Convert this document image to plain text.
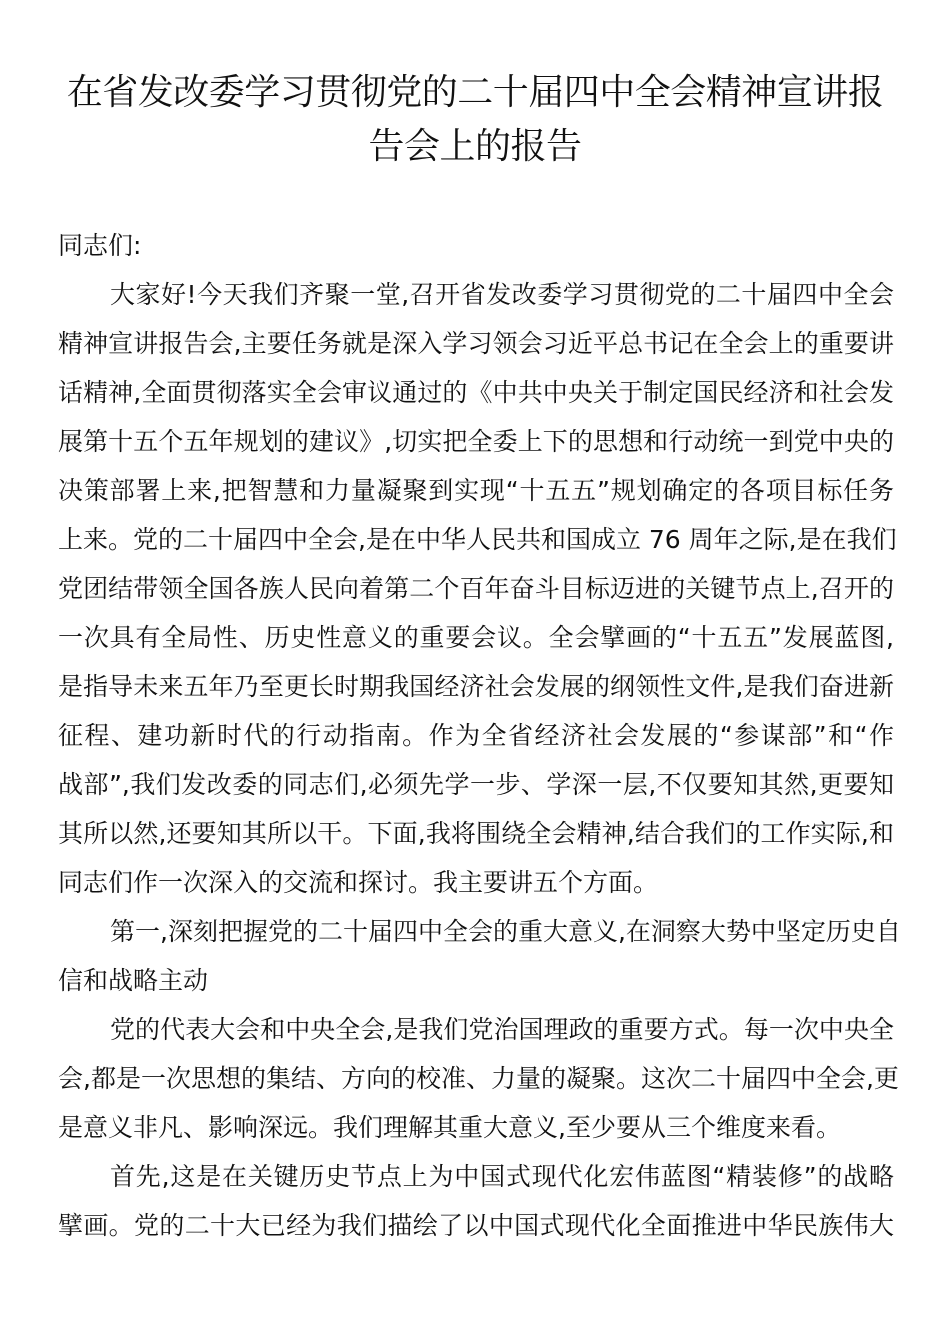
在省发改委学习贯彻党的二十届四中全会精神宣讲报
告会上的报告
同志们:
大家好!今天我们齐聚一堂,召开省发改委学习贯彻党的二十届四中全会
精神宣讲报告会,主要任务就是深入学习领会习近平总书记在全会上的重要讲
话精神,全面贯彻落实全会审议通过的《中共中央关于制定国民经济和社会发
展第十五个五年规划的建议》,切实把全委上下的思想和行动统一到党中央的
决策部署上来,把智慧和力量凝聚到实现“十五五”规划确定的各项目标任务
上来。党的二十届四中全会,是在中华人民共和国成立 76 周年之际,是在我们
党团结带领全国各族人民向着第二个百年奋斗目标迈进的关键节点上,召开的
一次具有全局性、历史性意义的重要会议。全会擘画的“十五五”发展蓝图,
是指导未来五年乃至更长时期我国经济社会发展的纲领性文件,是我们奋进新
征程、建功新时代的行动指南。作为全省经济社会发展的“参谋部”和“作
战部”,我们发改委的同志们,必须先学一步、学深一层,不仅要知其然,更要知
其所以然,还要知其所以干。下面,我将围绕全会精神,结合我们的工作实际,和
同志们作一次深入的交流和探讨。我主要讲五个方面。
第一,深刻把握党的二十届四中全会的重大意义,在洞察大势中坚定历史自
信和战略主动
党的代表大会和中央全会,是我们党治国理政的重要方式。每一次中央全
会,都是一次思想的集结、方向的校准、力量的凝聚。这次二十届四中全会,更
是意义非凡、影响深远。我们理解其重大意义,至少要从三个维度来看。
首先,这是在关键历史节点上为中国式现代化宏伟蓝图“精装修”的战略
擘画。党的二十大已经为我们描绘了以中国式现代化全面推进中华民族伟大
